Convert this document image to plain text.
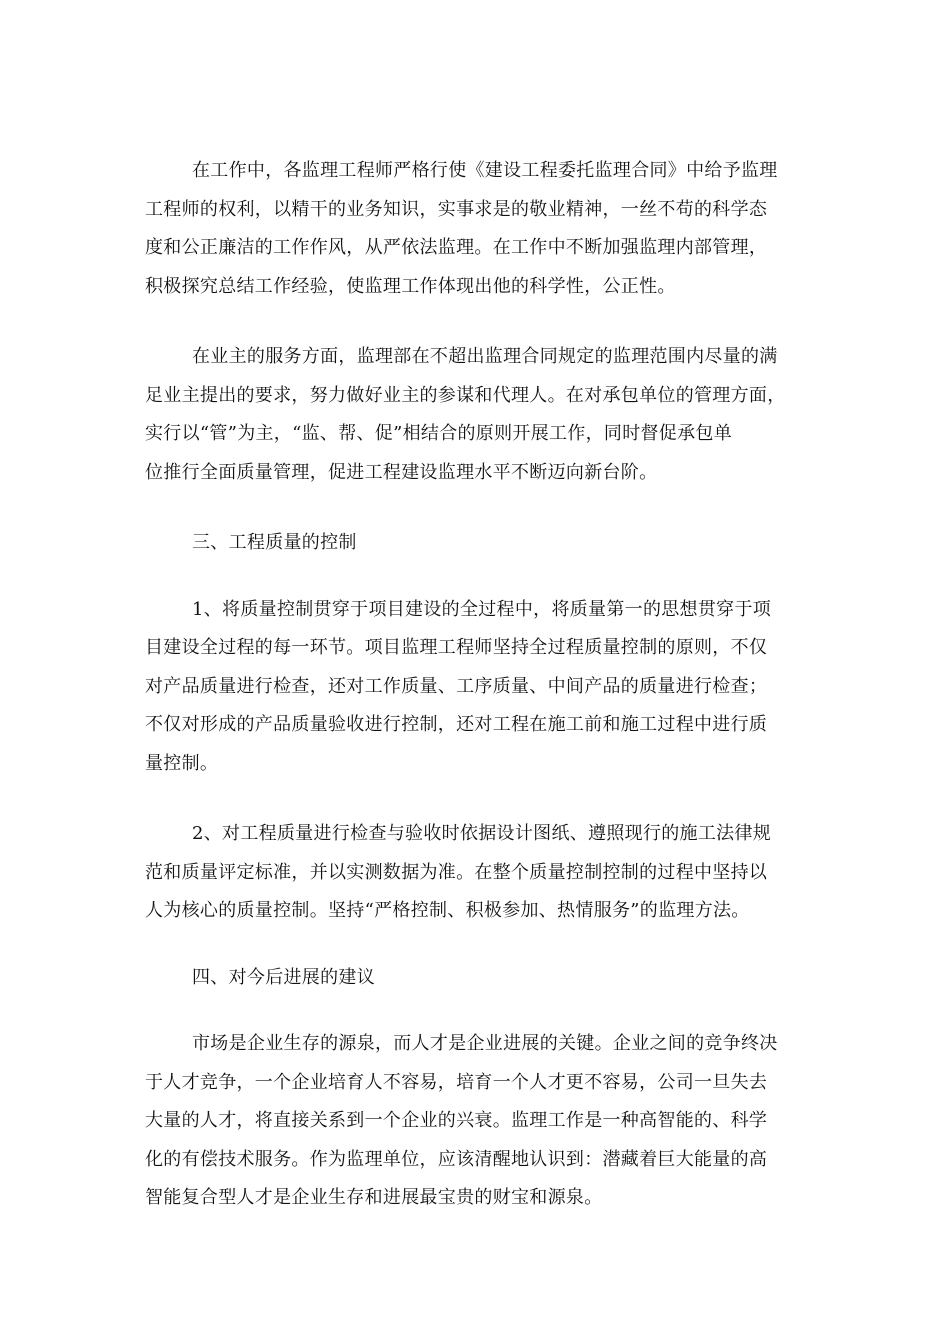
在工作中，各监理工程师严格行使《建设工程委托监理合同》中给予监理
工程师的权利，以精干的业务知识，实事求是的敬业精神，一丝不苟的科学态
度和公正廉洁的工作作风，从严依法监理。在工作中不断加强监理内部管理，
积极探究总结工作经验，使监理工作体现出他的科学性，公正性。

在业主的服务方面，监理部在不超出监理合同规定的监理范围内尽量的满
足业主提出的要求，努力做好业主的参谋和代理人。在对承包单位的管理方面，
实行以“管”为主，“监、帮、促”相结合的原则开展工作，同时督促承包单
位推行全面质量管理，促进工程建设监理水平不断迈向新台阶。

三、工程质量的控制

1、将质量控制贯穿于项目建设的全过程中，将质量第一的思想贯穿于项
目建设全过程的每一环节。项目监理工程师坚持全过程质量控制的原则，不仅
对产品质量进行检查，还对工作质量、工序质量、中间产品的质量进行检查；
不仅对形成的产品质量验收进行控制，还对工程在施工前和施工过程中进行质
量控制。

2、对工程质量进行检查与验收时依据设计图纸、遵照现行的施工法律规
范和质量评定标准，并以实测数据为准。在整个质量控制控制的过程中坚持以
人为核心的质量控制。坚持“严格控制、积极参加、热情服务”的监理方法。

四、对今后进展的建议

市场是企业生存的源泉，而人才是企业进展的关键。企业之间的竞争终决
于人才竞争，一个企业培育人不容易，培育一个人才更不容易，公司一旦失去
大量的人才，将直接关系到一个企业的兴衰。监理工作是一种高智能的、科学
化的有偿技术服务。作为监理单位，应该清醒地认识到：潜藏着巨大能量的高
智能复合型人才是企业生存和进展最宝贵的财宝和源泉。
